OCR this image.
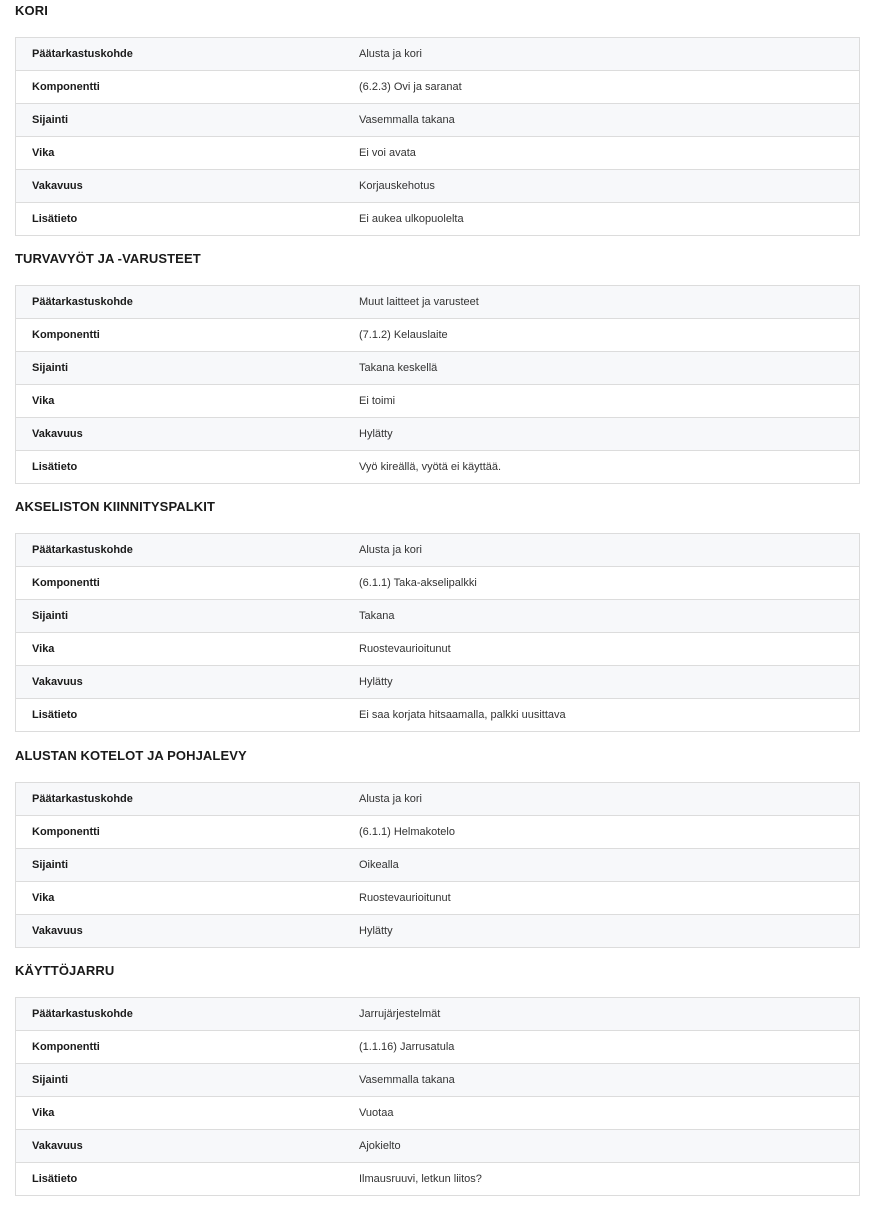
KORI
Päätarkastuskohde	Alusta ja kori
Komponentti	(6.2.3) Ovi ja saranat
Sijainti	Vasemmalla takana
Vika	Ei voi avata
Vakavuus	Korjauskehotus
Lisätieto	Ei aukea ulkopuolelta
TURVAVYÖT JA -VARUSTEET
Päätarkastuskohde	Muut laitteet ja varusteet
Komponentti	(7.1.2) Kelauslaite
Sijainti	Takana keskellä
Vika	Ei toimi
Vakavuus	Hylätty
Lisätieto	Vyö kireällä, vyötä ei käyttää.
AKSELISTON KIINNITYSPALKIT
Päätarkastuskohde	Alusta ja kori
Komponentti	(6.1.1) Taka-akselipalkki
Sijainti	Takana
Vika	Ruostevaurioitunut
Vakavuus	Hylätty
Lisätieto	Ei saa korjata hitsaamalla, palkki uusittava
ALUSTAN KOTELOT JA POHJALEVY
Päätarkastuskohde	Alusta ja kori
Komponentti	(6.1.1) Helmakotelo
Sijainti	Oikealla
Vika	Ruostevaurioitunut
Vakavuus	Hylätty
KÄYTTÖJARRU
Päätarkastuskohde	Jarrujärjestelmät
Komponentti	(1.1.16) Jarrusatula
Sijainti	Vasemmalla takana
Vika	Vuotaa
Vakavuus	Ajokielto
Lisätieto	Ilmausruuvi, letkun liitos?
